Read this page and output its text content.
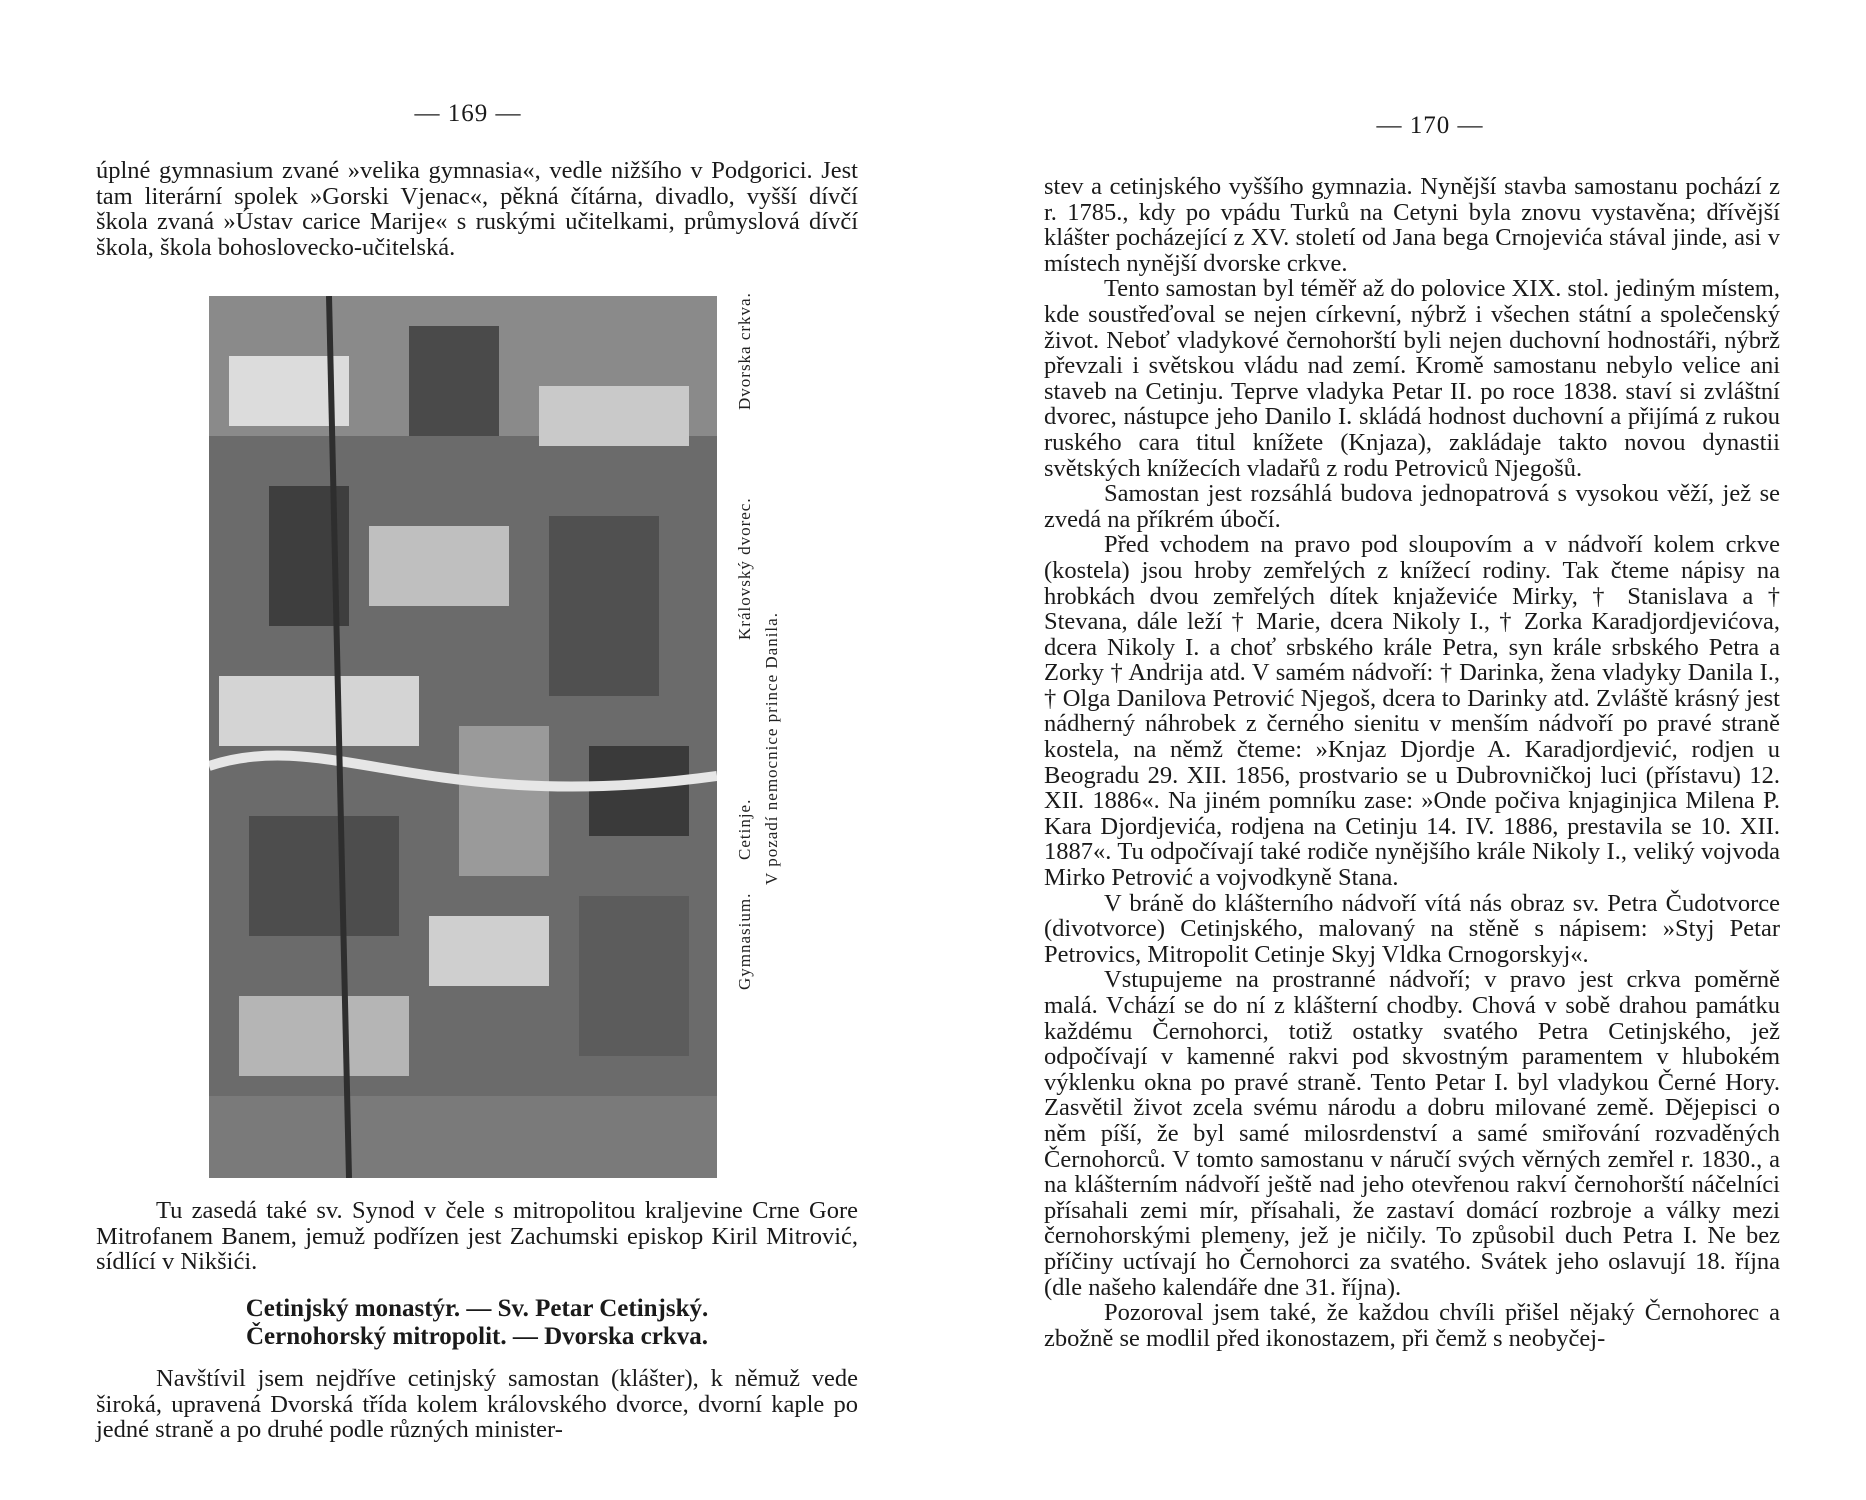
— 169 —

úplné gymnasium zvané »velika gymnasia«, vedle nižšího v Podgorici. Jest tam literární spolek »Gorski Vjenac«, pěkná čítárna, divadlo, vyšší dívčí škola zvaná »Ústav carice Marije« s ruskými učitelkami, průmyslová dívčí škola, škola bohoslovecko-učitelská.

Gymnasium.
Cetinje.
Královský dvorec.
Dvorska crkva.
V pozadí nemocnice prince Danila.

Tu zasedá také sv. Synod v čele s mitropolitou kraljevine Crne Gore Mitrofanem Banem, jemuž podřízen jest Zachumski episkop Kiril Mitrović, sídlící v Nikšići.

Cetinjský monastýr. — Sv. Petar Cetinjský.

Černohorský mitropolit. — Dvorska crkva.

Navštívil jsem nejdříve cetinjský samostan (klášter), k němuž vede široká, upravená Dvorská třída kolem královského dvorce, dvorní kaple po jedné straně a po druhé podle různých minister-

— 170 —

stev a cetinjského vyššího gymnazia. Nynější stavba samostanu pochází z r. 1785., kdy po vpádu Turků na Cetyni byla znovu vystavěna; dřívější klášter pocházející z XV. století od Jana bega Crnojevića stával jinde, asi v místech nynější dvorske crkve.

Tento samostan byl téměř až do polovice XIX. stol. jediným místem, kde soustřeďoval se nejen církevní, nýbrž i všechen státní a společenský život. Neboť vladykové černohorští byli nejen duchovní hodnostáři, nýbrž převzali i světskou vládu nad zemí. Kromě samostanu nebylo velice ani staveb na Cetinju. Teprve vladyka Petar II. po roce 1838. staví si zvláštní dvorec, nástupce jeho Danilo I. skládá hodnost duchovní a přijímá z rukou ruského cara titul knížete (Knjaza), zakládaje takto novou dynastii světských knížecích vladařů z rodu Petroviců Njegošů.

Samostan jest rozsáhlá budova jednopatrová s vysokou věží, jež se zvedá na příkrém úbočí.

Před vchodem na pravo pod sloupovím a v nádvoří kolem crkve (kostela) jsou hroby zemřelých z knížecí rodiny. Tak čteme nápisy na hrobkách dvou zemřelých dítek knjaževiće Mirky, † Stanislava a † Stevana, dále leží † Marie, dcera Nikoly I., † Zorka Karadjordjevićova, dcera Nikoly I. a choť srbského krále Petra, syn krále srbského Petra a Zorky † Andrija atd. V samém nádvoří: † Darinka, žena vladyky Danila I., † Olga Danilova Petrović Njegoš, dcera to Darinky atd. Zvláště krásný jest nádherný náhrobek z černého sienitu v menším nádvoří po pravé straně kostela, na němž čteme: »Knjaz Djordje A. Karadjordjević, rodjen u Beogradu 29. XII. 1856, prostvario se u Dubrovničkoj luci (přístavu) 12. XII. 1886«. Na jiném pomníku zase: »Onde počiva knjaginjica Milena P. Kara Djordjevića, rodjena na Cetinju 14. IV. 1886, prestavila se 10. XII. 1887«. Tu odpočívají také rodiče nynějšího krále Nikoly I., veliký vojvoda Mirko Petrović a vojvodkyně Stana.

V bráně do klášterního nádvoří vítá nás obraz sv. Petra Čudotvorce (divotvorce) Cetinjského, malovaný na stěně s nápisem: »Styj Petar Petrovics, Mitropolit Cetinje Skyj Vldka Crnogorskyj«.

Vstupujeme na prostranné nádvoří; v pravo jest crkva poměrně malá. Vchází se do ní z klášterní chodby. Chová v sobě drahou památku každému Černohorci, totiž ostatky svatého Petra Cetinjského, jež odpočívají v kamenné rakvi pod skvostným paramentem v hlubokém výklenku okna po pravé straně. Tento Petar I. byl vladykou Černé Hory. Zasvětil život zcela svému národu a dobru milované země. Dějepisci o něm píší, že byl samé milosrdenství a samé smiřování rozvaděných Černohorců. V tomto samostanu v náručí svých věrných zemřel r. 1830., a na klášterním nádvoří ještě nad jeho otevřenou rakví černohorští náčelníci přísahali zemi mír, přísahali, že zastaví domácí rozbroje a války mezi černohorskými plemeny, jež je ničily. To způsobil duch Petra I. Ne bez příčiny uctívají ho Černohorci za svatého. Svátek jeho oslavují 18. října (dle našeho kalendáře dne 31. října).

Pozoroval jsem také, že každou chvíli přišel nějaký Černohorec a zbožně se modlil před ikonostazem, při čemž s neobyčej-
